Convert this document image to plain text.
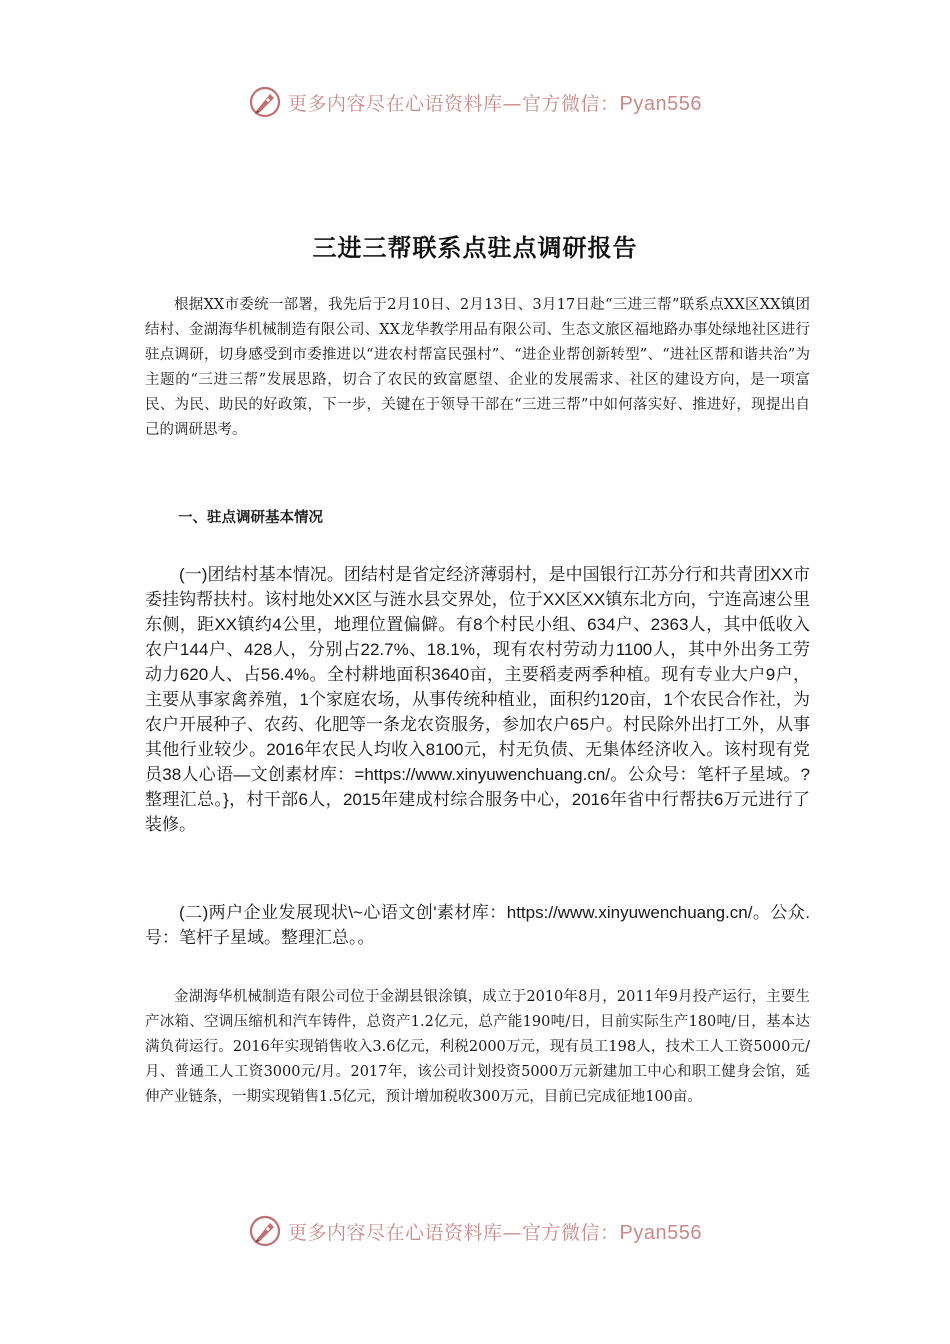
更多内容尽在心语资料库—官方微信：Pyan556
三进三帮联系点驻点调研报告

根据XX市委统一部署，我先后于2月10日、2月13日、3月17日赴“三进三帮”联系点XX区XX镇团结村、金湖海华机械制造有限公司、XX龙华教学用品有限公司、生态文旅区福地路办事处绿地社区进行驻点调研，切身感受到市委推进以“进农村帮富民强村”、“进企业帮创新转型”、“进社区帮和谐共治”为主题的“三进三帮”发展思路，切合了农民的致富愿望、企业的发展需求、社区的建设方向，是一项富民、为民、助民的好政策，下一步，关键在于领导干部在“三进三帮”中如何落实好、推进好，现提出自己的调研思考。

一、驻点调研基本情况

(一)团结村基本情况。团结村是省定经济薄弱村，是中国银行江苏分行和共青团XX市委挂钩帮扶村。该村地处XX区与涟水县交界处，位于XX区XX镇东北方向，宁连高速公里东侧，距XX镇约4公里，地理位置偏僻。有8个村民小组、634户、2363人，其中低收入农户144户、428人，分别占22.7%、18.1%，现有农村劳动力1100人，其中外出务工劳动力620人、占56.4%。全村耕地面积3640亩，主要稻麦两季种植。现有专业大户9户，主要从事家禽养殖，1个家庭农场，从事传统种植业，面积约120亩，1个农民合作社，为农户开展种子、农药、化肥等一条龙农资服务，参加农户65户。村民除外出打工外，从事其他行业较少。2016年农民人均收入8100元，村无负债、无集体经济收入。该村现有党员38人心语—文创素材库：=https://www.xinyuwenchuang.cn/。公众号：笔杆子星域。?整理汇总。}，村干部6人，2015年建成村综合服务中心，2016年省中行帮扶6万元进行了装修。

(二)两户企业发展现状\~心语文创'素材库：https://www.xinyuwenchuang.cn/。公众.号：笔杆子星域。整理汇总。。

金湖海华机械制造有限公司位于金湖县银涂镇，成立于2010年8月，2011年9月投产运行，主要生产冰箱、空调压缩机和汽车铸件，总资产1.2亿元，总产能190吨/日，目前实际生产180吨/日，基本达满负荷运行。2016年实现销售收入3.6亿元，利税2000万元，现有员工198人，技术工人工资5000元/月、普通工人工资3000元/月。2017年，该公司计划投资5000万元新建加工中心和职工健身会馆，延伸产业链条，一期实现销售1.5亿元，预计增加税收300万元，目前已完成征地100亩。

更多内容尽在心语资料库—官方微信：Pyan556
